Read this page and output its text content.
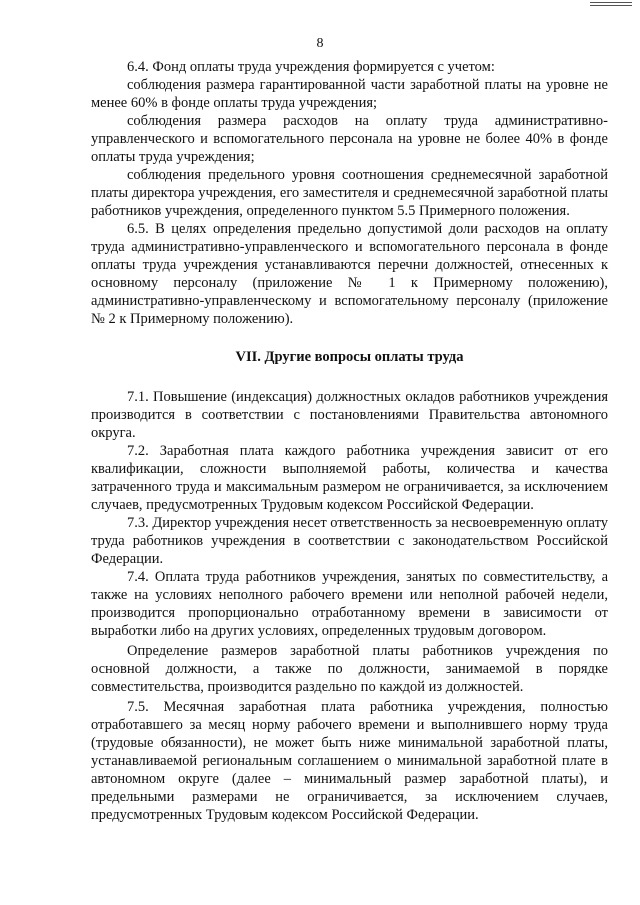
8

6.4. Фонд оплаты труда учреждения формируется с учетом:

соблюдения размера гарантированной части заработной платы на уровне не менее 60% в фонде оплаты труда учреждения;

соблюдения размера расходов на оплату труда административно-управленческого и вспомогательного персонала на уровне не более 40% в фонде оплаты труда учреждения;

соблюдения предельного уровня соотношения среднемесячной заработной платы директора учреждения, его заместителя и среднемесячной заработной платы работников учреждения, определенного пунктом 5.5 Примерного положения.

6.5. В целях определения предельно допустимой доли расходов на оплату труда административно-управленческого и вспомогательного персонала в фонде оплаты труда учреждения устанавливаются перечни должностей, отнесенных к основному персоналу (приложение № 1 к Примерному положению), административно-управленческому и вспомогательному персоналу (приложение № 2 к Примерному положению).

VII. Другие вопросы оплаты труда

7.1. Повышение (индексация) должностных окладов работников учреждения производится в соответствии с постановлениями Правительства автономного округа.

7.2. Заработная плата каждого работника учреждения зависит от его квалификации, сложности выполняемой работы, количества и качества затраченного труда и максимальным размером не ограничивается, за исключением случаев, предусмотренных Трудовым кодексом Российской Федерации.

7.3. Директор учреждения несет ответственность за несвоевременную оплату труда работников учреждения в соответствии с законодательством Российской Федерации.

7.4. Оплата труда работников учреждения, занятых по совместительству, а также на условиях неполного рабочего времени или неполной рабочей недели, производится пропорционально отработанному времени в зависимости от выработки либо на других условиях, определенных трудовым договором.

Определение размеров заработной платы работников учреждения по основной должности, а также по должности, занимаемой в порядке совместительства, производится раздельно по каждой из должностей.

7.5. Месячная заработная плата работника учреждения, полностью отработавшего за месяц норму рабочего времени и выполнившего норму труда (трудовые обязанности), не может быть ниже минимальной заработной платы, устанавливаемой региональным соглашением о минимальной заработной плате в автономном округе (далее – минимальный размер заработной платы), и предельными размерами не ограничивается, за исключением случаев, предусмотренных Трудовым кодексом Российской Федерации.
